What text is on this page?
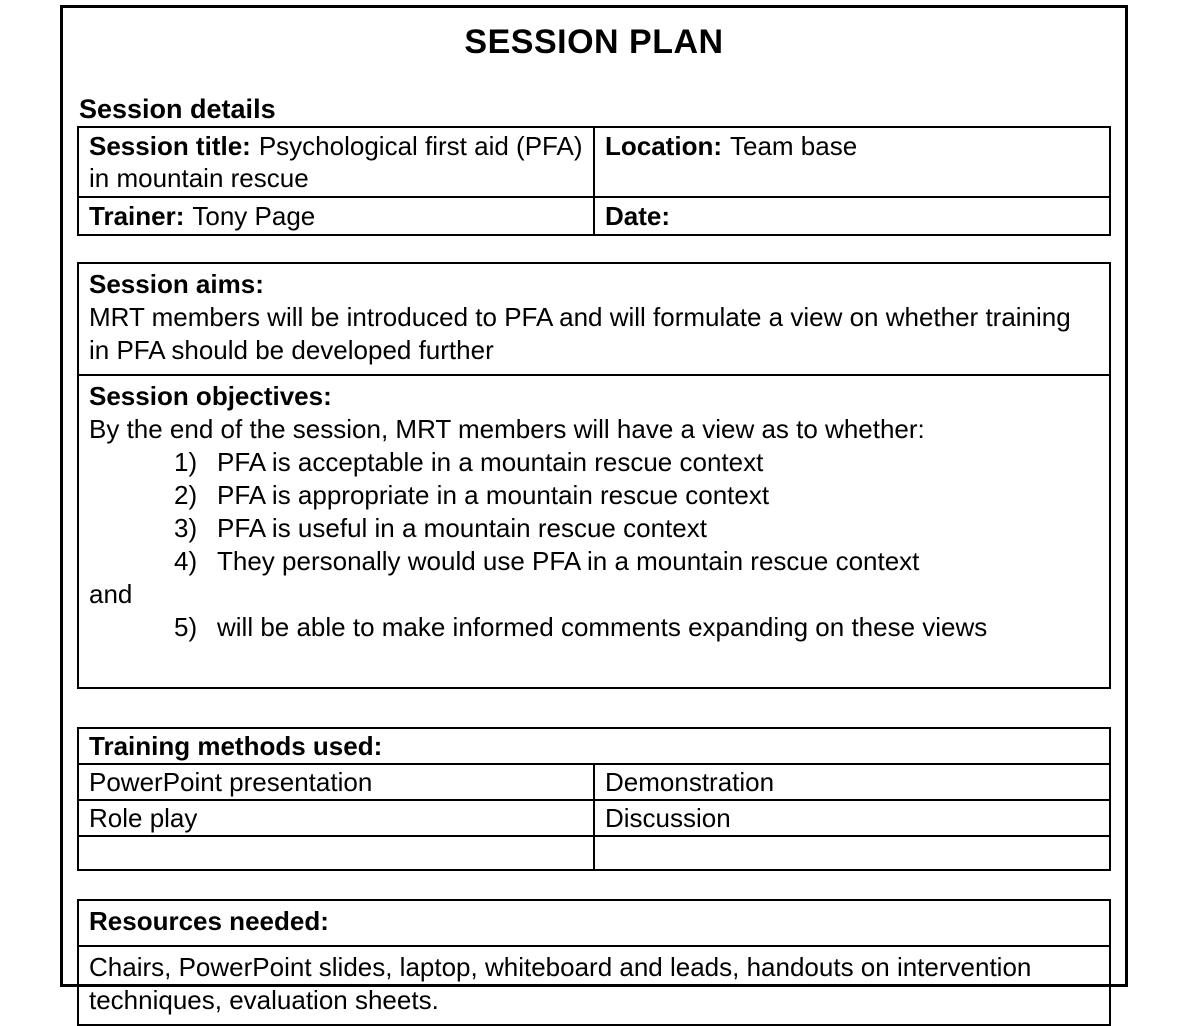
SESSION PLAN
Session details
Session title: Psychological first aid (PFA) in mountain rescue	Location: Team base
Trainer: Tony Page	Date:
Session aims:
MRT members will be introduced to PFA and will formulate a view on whether training in PFA should be developed further
Session objectives:
By the end of the session, MRT members will have a view as to whether:
1) PFA is acceptable in a mountain rescue context
2) PFA is appropriate in a mountain rescue context
3) PFA is useful in a mountain rescue context
4) They personally would use PFA in a mountain rescue context
and
5) will be able to make informed comments expanding on these views
Training methods used:	
PowerPoint presentation	Demonstration
Role play	Discussion

Resources needed:
Chairs, PowerPoint slides, laptop, whiteboard and leads, handouts on intervention techniques, evaluation sheets.
